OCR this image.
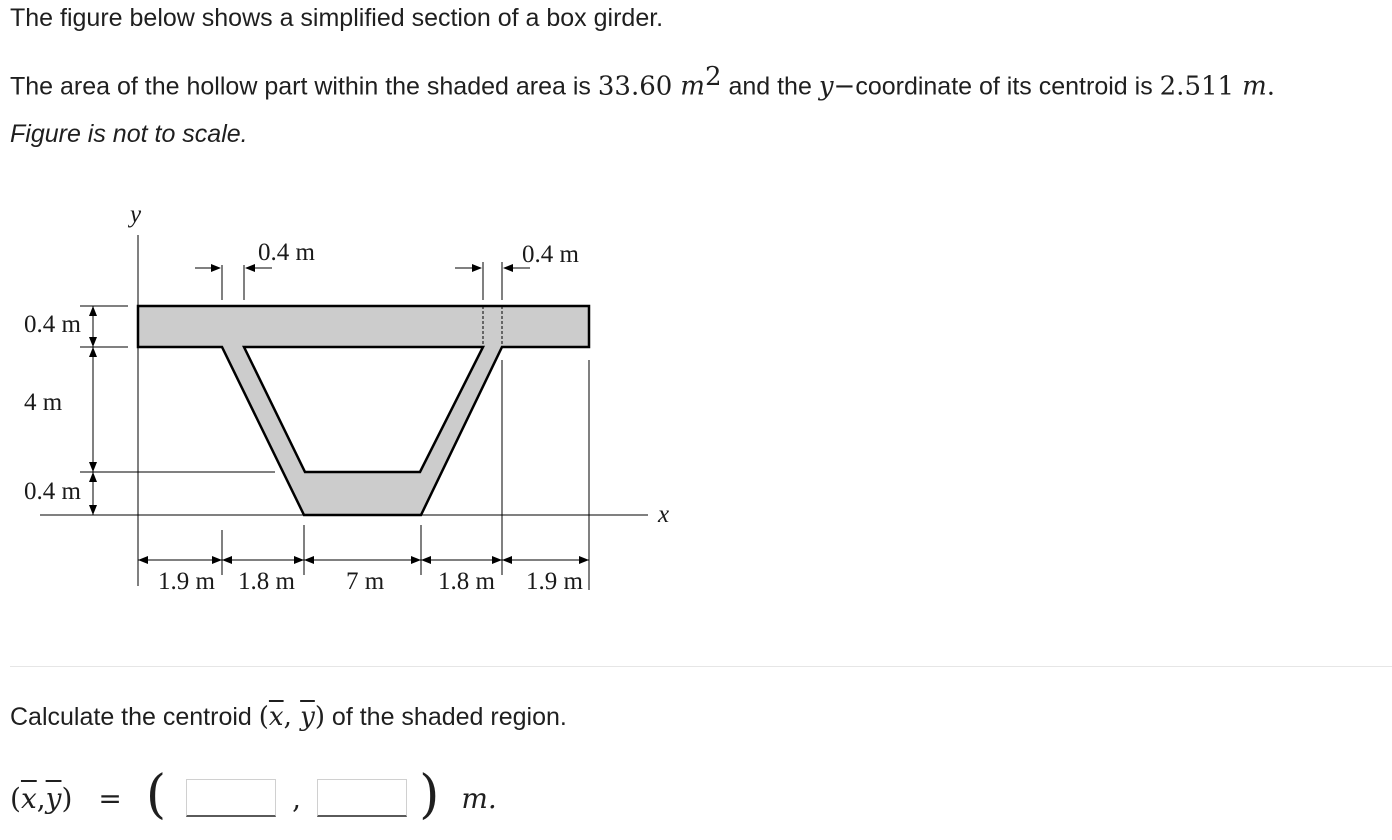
The figure below shows a simplified section of a box girder.
The area of the hollow part within the shaded area is 33.60 $m^2$ and the y−coordinate of its centroid is 2.511 m.
Figure is not to scale.
y
x
0.4 m	0.4 m
0.4 m
4 m
0.4 m
1.9 m 1.8 m 7 m 1.8 m 1.9 m
Calculate the centroid ($\overline{x}$, $\overline{y}$) of the shaded region.
( $\overline{x}$ , $\overline{y}$ ) = (	, ) m.
